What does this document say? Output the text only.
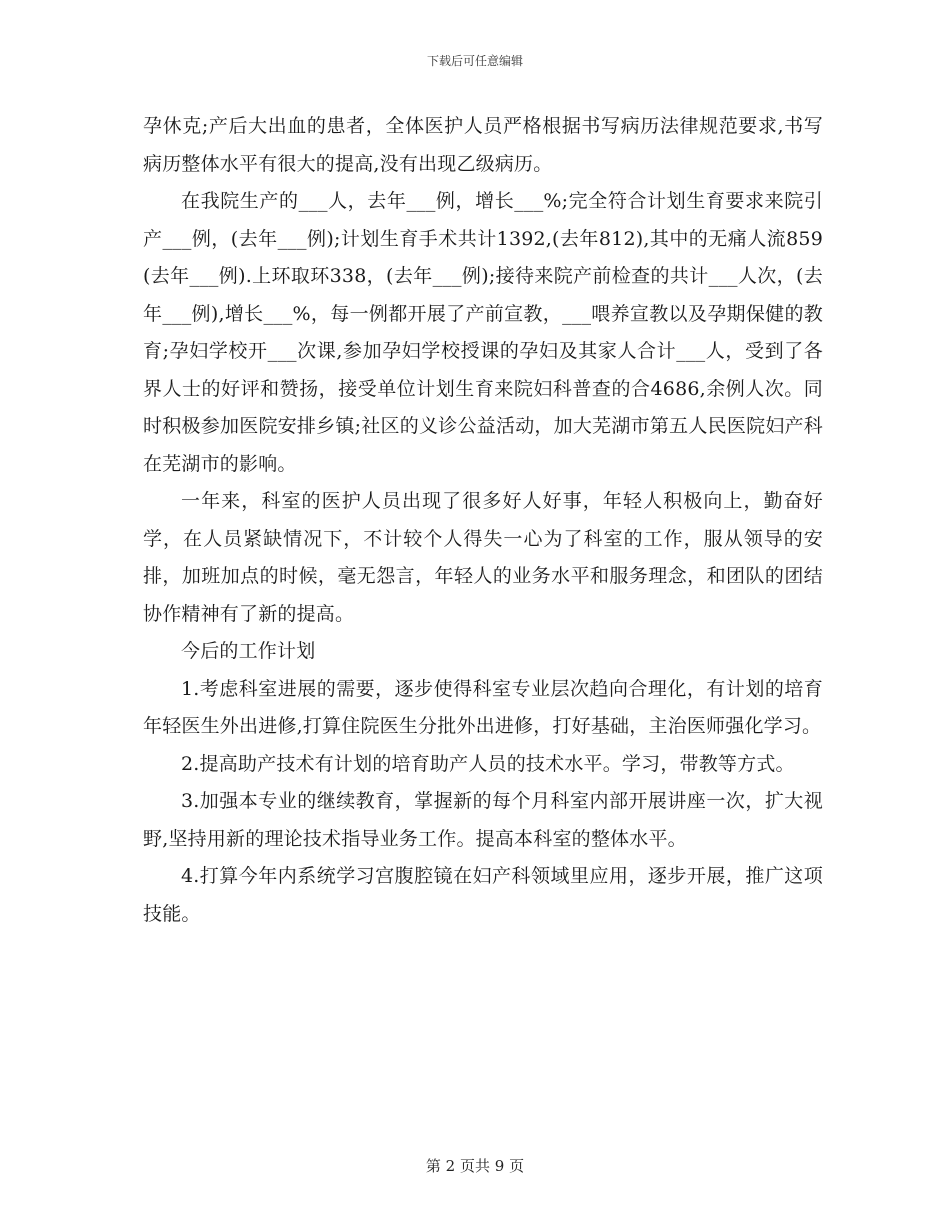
下载后可任意编辑

孕休克;产后大出血的患者，全体医护人员严格根据书写病历法律规范要求,书写病历整体水平有很大的提高,没有出现乙级病历。

在我院生产的___人，去年___例，增长___%;完全符合计划生育要求来院引产___例，(去年___例);计划生育手术共计1392,(去年812),其中的无痛人流859(去年___例).上环取环338，(去年___例);接待来院产前检查的共计___人次，(去年___例),增长___%，每一例都开展了产前宣教，___喂养宣教以及孕期保健的教育;孕妇学校开___次课,参加孕妇学校授课的孕妇及其家人合计___人，受到了各界人士的好评和赞扬，接受单位计划生育来院妇科普查的合4686,余例人次。同时积极参加医院安排乡镇;社区的义诊公益活动，加大芜湖市第五人民医院妇产科在芜湖市的影响。

一年来，科室的医护人员出现了很多好人好事，年轻人积极向上，勤奋好学，在人员紧缺情况下，不计较个人得失一心为了科室的工作，服从领导的安排，加班加点的时候，毫无怨言，年轻人的业务水平和服务理念，和团队的团结协作精神有了新的提高。

今后的工作计划

1.考虑科室进展的需要，逐步使得科室专业层次趋向合理化，有计划的培育年轻医生外出进修,打算住院医生分批外出进修，打好基础，主治医师强化学习。

2.提高助产技术有计划的培育助产人员的技术水平。学习，带教等方式。

3.加强本专业的继续教育，掌握新的每个月科室内部开展讲座一次，扩大视野,坚持用新的理论技术指导业务工作。提高本科室的整体水平。

4.打算今年内系统学习宫腹腔镜在妇产科领域里应用，逐步开展，推广这项技能。

第 2 页共 9 页
